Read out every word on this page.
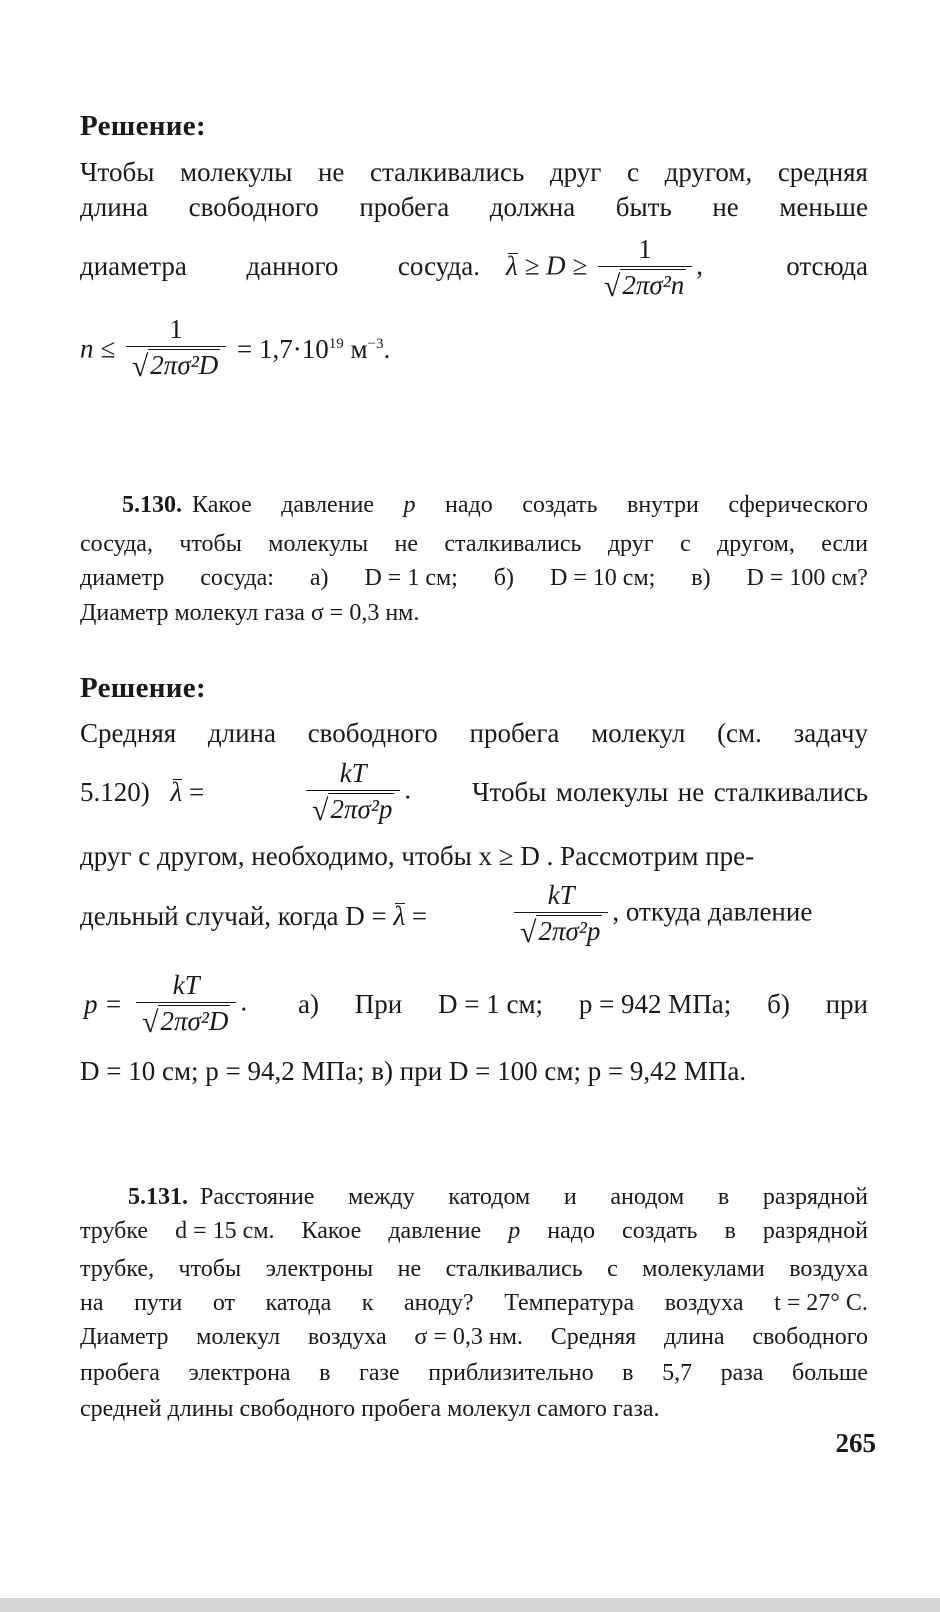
Решение:
Чтобы молекулы не сталкивались друг с другом, средняя
длина свободного пробега должна быть не меньше
диаметра данного сосуда. $\lambda \ge D \ge \frac{1}{\text{√2πσ²n}}$ ,	отсюда
$n \le \frac{1}{\text{√2πσ²D}} = 1,7\cdot 10^{19}$ $м^{-3}$.
5.130. Какое давление p надо создать внутри сферического
сосуда, чтобы молекулы не сталкивались друг с другом, если
диаметр сосуда: а) D = 1 см; б) D = 10 см; в) D = 100 см?
Диаметр молекул газа σ = 0,3 нм.
Решение:
Средняя длина свободного пробега молекул (см. задачу
5.120) λ =	$\frac{kT}{\text{√2πσ²p}}$ . Чтобы молекулы не сталкивались
друг с другом, необходимо, чтобы x ≥ D . Рассмотрим пре-
дельный случай, когда D = λ =	$\frac{kT}{\text{√2πσ²p}}$ , откуда давление
$p = \frac{kT}{\text{√2πσ²D}}$ . а) При D = 1 см; p = 942 МПа; б) при
D = 10 см; p = 94,2 МПа; в) при D = 100 см; p = 9,42 МПа.
5.131. Расстояние между катодом и анодом в разрядной
трубке d = 15 см. Какое давление p надо создать в разрядной
трубке, чтобы электроны не сталкивались с молекулами воздуха
на пути от катода к аноду? Температура воздуха t = 27° C.
Диаметр молекул воздуха σ = 0,3 нм. Средняя длина свободного
пробега электрона в газе приблизительно в 5,7 раза больше
средней длины свободного пробега молекул самого газа.
265
